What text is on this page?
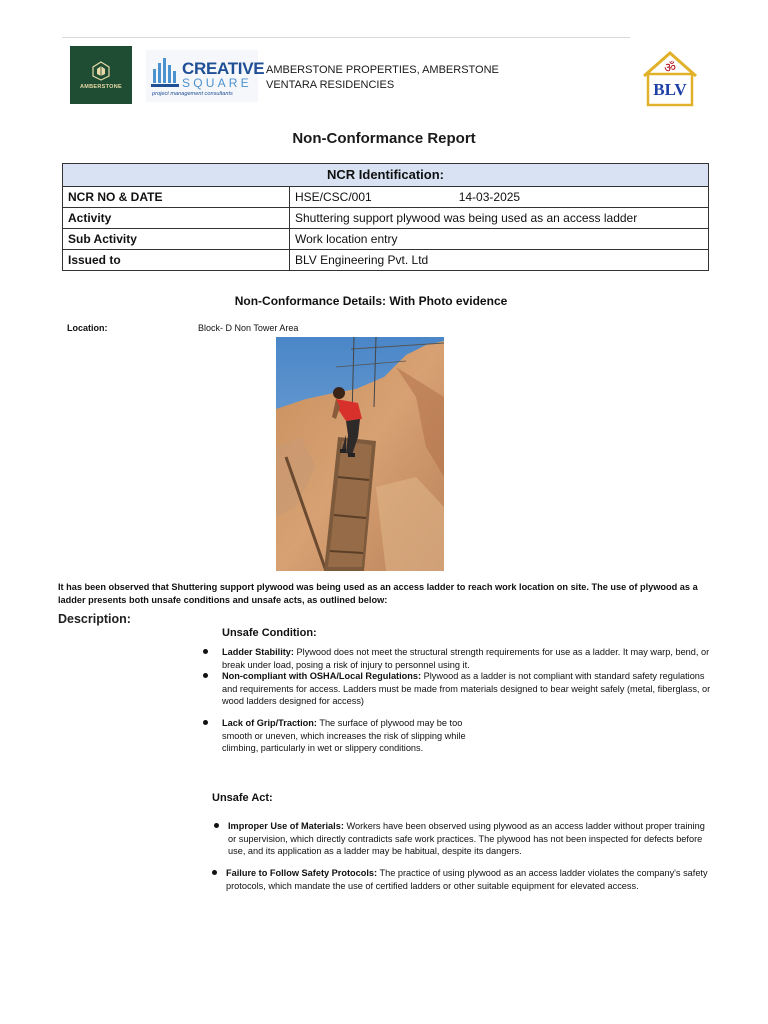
AMBERSTONE
CREATIVE
SQUARE
project management consultants
AMBERSTONE PROPERTIES, AMBERSTONE
VENTARA RESIDENCIES
ॐ
BLV
Non-Conformance Report
NCR Identification:	
NCR NO & DATE	HSE/CSC/001 14-03-2025
Activity	Shuttering support plywood was being used as an access ladder
Sub Activity	Work location entry
Issued to	BLV Engineering Pvt. Ltd
Non-Conformance Details: With Photo evidence
Location:	Block- D Non Tower Area
It has been observed that Shuttering support plywood was being used as an access ladder to reach work location on site. The use of plywood as a ladder presents both unsafe conditions and unsafe acts, as outlined below:
Description:
Unsafe Condition:
Ladder Stability: Plywood does not meet the structural strength requirements for use as a ladder. It may warp, bend, or break under load, posing a risk of injury to personnel using it.
Non-compliant with OSHA/Local Regulations: Plywood as a ladder is not compliant with standard safety regulations and requirements for access. Ladders must be made from materials designed to bear weight safely (metal, fiberglass, or wood ladders designed for access)
Lack of Grip/Traction: The surface of plywood may be too smooth or uneven, which increases the risk of slipping while climbing, particularly in wet or slippery conditions.
Unsafe Act:
Improper Use of Materials: Workers have been observed using plywood as an access ladder without proper training or supervision, which directly contradicts safe work practices. The plywood has not been inspected for defects before use, and its application as a ladder may be habitual, despite its dangers.
Failure to Follow Safety Protocols: The practice of using plywood as an access ladder violates the company's safety protocols, which mandate the use of certified ladders or other suitable equipment for elevated access.
